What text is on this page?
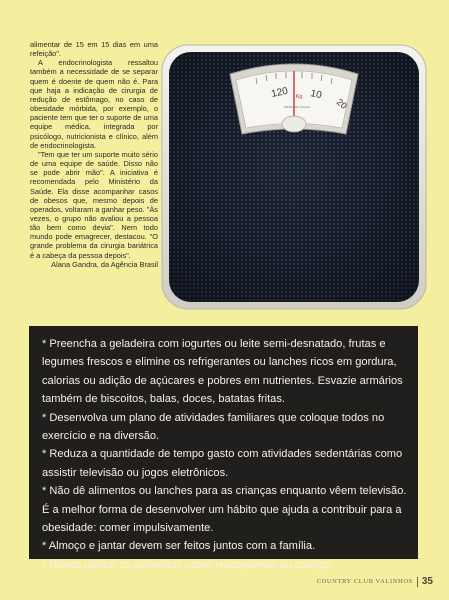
alimentar de 15 em 15 dias em uma refeição".

A endocrinologista ressaltou também a necessidade de se separar quem é doente de quem não é. Para que haja a indicação de cirurgia de redução de estômago, no caso de obesidade mórbida, por exemplo, o paciente tem que ter o suporte de uma equipe médica, integrada por psicólogo, nutricionista e clínico, além de endocrinologista.

"Tem que ter um suporte muito sério de uma equipe de saúde. Disso não se pode abrir mão". A iniciativa é recomendada pelo Ministério da Saúde. Ela disse acompanhar casos de obesos que, mesmo depois de operados, voltaram a ganhar peso. "Às vezes, o grupo não avaliou a pessoa tão bem como devia". Nem todo mundo pode emagrecer, destacou. "O grande problema da cirurgia bariátrica é a cabeça da pessoa depois".

Alana Gandra, da Agência Brasil

120 10
20
Kg
WEIGHING SCALE

* Preencha a geladeira com iogurtes ou leite semi-desnatado, frutas e legumes frescos e elimine os refrigerantes ou lanches ricos em gordura, calorias ou adição de açúcares e pobres em nutrientes. Esvazie armários também de biscoitos, balas, doces, batatas fritas.

* Desenvolva um plano de atividades familiares que coloque todos no exercício e na diversão.

* Reduza a quantidade de tempo gasto com atividades sedentárias como assistir televisão ou jogos eletrônicos.

* Não dê alimentos ou lanches para as crianças enquanto vêem televisão. É a melhor forma de desenvolver um hábito que ajuda a contribuir para a obesidade: comer impulsivamente.

* Almoço e jantar devem ser feitos juntos com a família.

* Nunca utilizar os alimentos como recompensa ou castigo.

COUNTRY CLUB VALINHOS 35
